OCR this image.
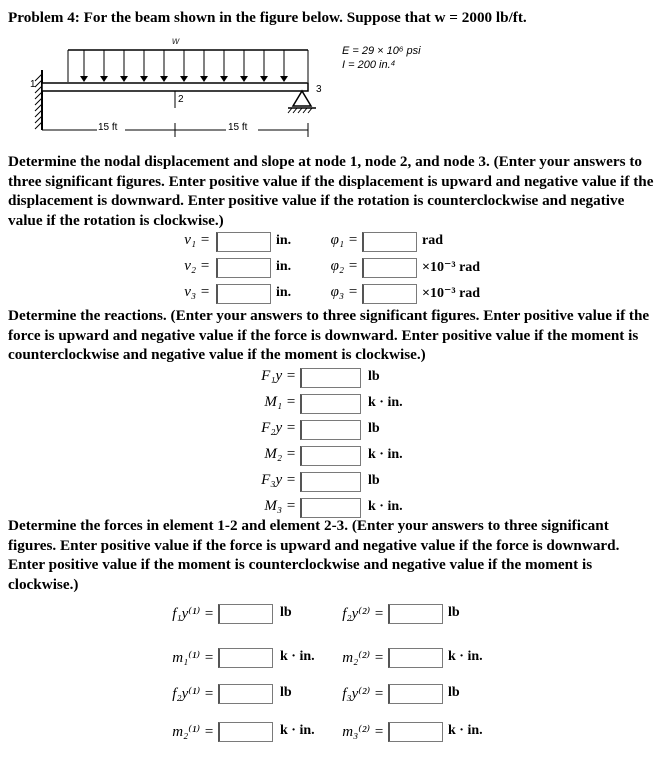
Problem 4: For the beam shown in the figure below. Suppose that w = 2000 lb/ft.
w
E = 29 × 10⁶ psi
I = 200 in.⁴
1
2
3
15 ft	15 ft
Determine the nodal displacement and slope at node 1, node 2, and node 3. (Enter your answers to three significant figures. Enter positive value if the displacement is upward and negative value if the displacement is downward. Enter positive value if the rotation is counterclockwise and negative value if the rotation is clockwise.)
v₁ =	in.	φ₁ =	rad
v₂ =	in.	φ₂ =	×10⁻³ rad
v₃ =	in.	φ₃ =	×10⁻³ rad
Determine the reactions. (Enter your answers to three significant figures. Enter positive value if the force is upward and negative value if the force is downward. Enter positive value if the moment is counterclockwise and negative value if the moment is clockwise.)
F₁y =	lb
M₁ =	k · in.
F₂y =	lb
M₂ =	k · in.
F₃y =	lb
M₃ =	k · in.
Determine the forces in element 1-2 and element 2-3. (Enter your answers to three significant figures. Enter positive value if the force is upward and negative value if the force is downward. Enter positive value if the moment is counterclockwise and negative value if the moment is clockwise.)
f₁y⁽¹⁾ =	lb	f₂y⁽²⁾ =	lb
m₁⁽¹⁾ =	k · in.	m₂⁽²⁾ =	k · in.
f₂y⁽¹⁾ =	lb	f₃y⁽²⁾ =	lb
m₂⁽¹⁾ =	k · in.	m₃⁽²⁾ =	k · in.
